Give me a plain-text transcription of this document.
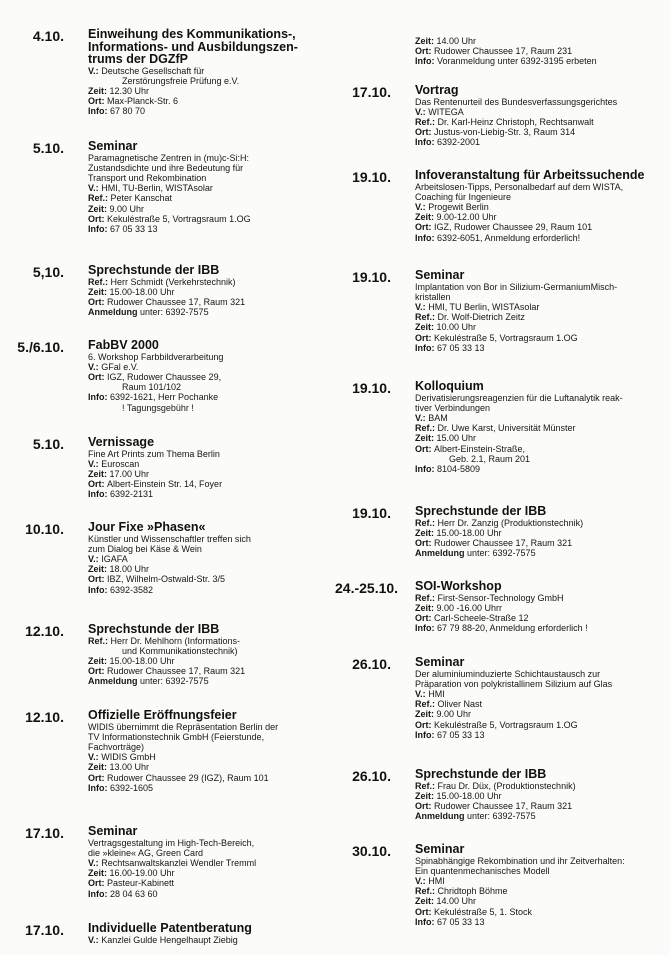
4.10. Einweihung des Kommunikations-,
Informations- und Ausbildungszen-
trums der DGZfP
V.: Deutsche Gesellschaft für
Zerstörungsfreie Prüfung e.V.
Zeit: 12.30 Uhr
Ort: Max-Planck-Str. 6
Info: 67 80 70
5.10. Seminar
Paramagnetische Zentren in (mu)c-Si:H:
Zustandsdichte und ihre Bedeutung für
Transport und Rekombination
V.: HMI, TU-Berlin, WISTAsolar
Ref.: Peter Kanschat
Zeit: 9.00 Uhr
Ort: Kekuléstraße 5, Vortragsraum 1.OG
Info: 67 05 33 13
5,10. Sprechstunde der IBB
Ref.: Herr Schmidt (Verkehrstechnik)
Zeit: 15.00-18.00 Uhr
Ort: Rudower Chaussee 17, Raum 321
Anmeldung unter: 6392-7575
5./6.10. FabBV 2000
6. Workshop Farbbildverarbeitung
V.: GFal e.V.
Ort: IGZ, Rudower Chaussee 29,
Raum 101/102
Info: 6392-1621, Herr Pochanke
! Tagungsgebühr !
5.10. Vernissage
Fine Art Prints zum Thema Berlin
V.: Euroscan
Zeit: 17.00 Uhr
Ort: Albert-Einstein Str. 14, Foyer
Info: 6392-2131
10.10. Jour Fixe »Phasen«
Künstler und Wissenschaftler treffen sich
zum Dialog bei Käse & Wein
V.: IGAFA
Zeit: 18.00 Uhr
Ort: IBZ, Wilhelm-Ostwald-Str. 3/5
Info: 6392-3582
12.10. Sprechstunde der IBB
Ref.: Herr Dr. Mehlhorn (Informations-
und Kommunikationstechnik)
Zeit: 15.00-18.00 Uhr
Ort: Rudower Chaussee 17, Raum 321
Anmeldung unter: 6392-7575
12.10. Offizielle Eröffnungsfeier
WIDIS übernimmt die Repräsentation Berlin der
TV Informationstechnik GmbH (Feierstunde,
Fachvorträge)
V.: WIDIS GmbH
Zeit: 13.00 Uhr
Ort: Rudower Chaussee 29 (IGZ), Raum 101
Info: 6392-1605
17.10. Seminar
Vertragsgestaltung im High-Tech-Bereich,
die »kleine« AG, Green Card
V.: Rechtsanwaltskanzlei Wendler Tremml
Zeit: 16.00-19.00 Uhr
Ort: Pasteur-Kabinett
Info: 28 04 63 60
17.10. Individuelle Patentberatung
V.: Kanzlei Gulde Hengelhaupt Ziebig
Zeit: 14.00 Uhr
Ort: Rudower Chaussee 17, Raum 231
Info: Voranmeldung unter 6392-3195 erbeten
17.10. Vortrag
Das Rentenurteil des Bundesverfassungsgerichtes
V.: WITEGA
Ref.: Dr. Karl-Heinz Christoph, Rechtsanwalt
Ort: Justus-von-Liebig-Str. 3, Raum 314
Info: 6392-2001
19.10. Infoveranstaltung für Arbeitssuchende
Arbeitslosen-Tipps, Personalbedarf auf dem WISTA,
Coaching für Ingenieure
V.: Progewit Berlin
Zeit: 9.00-12.00 Uhr
Ort: IGZ, Rudower Chaussee 29, Raum 101
Info: 6392-6051, Anmeldung erforderlich!
19.10. Seminar
Implantation von Bor in Silizium-GermaniumMisch-
kristallen
V.: HMI, TU Berlin, WISTAsolar
Ref.: Dr. Wolf-Dietrich Zeitz
Zeit: 10.00 Uhr
Ort: Kekuléstraße 5, Vortragsraum 1.OG
Info: 67 05 33 13
19.10. Kolloquium
Derivatisierungsreagenzien für die Luftanalytik reak-
tiver Verbindungen
V.: BAM
Ref.: Dr. Uwe Karst, Universität Münster
Zeit: 15.00 Uhr
Ort: Albert-Einstein-Straße,
Geb. 2.1, Raum 201
Info: 8104-5809
19.10. Sprechstunde der IBB
Ref.: Herr Dr. Zanzig (Produktionstechnik)
Zeit: 15.00-18.00 Uhr
Ort: Rudower Chaussee 17, Raum 321
Anmeldung unter: 6392-7575
24.-25.10. SOI-Workshop
Ref.: First-Sensor-Technology GmbH
Zeit: 9.00 -16.00 Uhrr
Ort: Carl-Scheele-Straße 12
Info: 67 79 88-20, Anmeldung erforderlich !
26.10. Seminar
Der aluminiuminduzierte Schichtaustausch zur
Präparation von polykristallinem Silizium auf Glas
V.: HMI
Ref.: Oliver Nast
Zeit: 9.00 Uhr
Ort: Kekuléstraße 5, Vortragsraum 1.OG
Info: 67 05 33 13
26.10. Sprechstunde der IBB
Ref.: Frau Dr. Düx, (Produktionstechnik)
Zeit: 15.00-18.00 Uhr
Ort: Rudower Chaussee 17, Raum 321
Anmeldung unter: 6392-7575
30.10. Seminar
Spinabhängige Rekombination und ihr Zeitverhalten:
Ein quantenmechanisches Modell
V.: HMI
Ref.: Chridtoph Böhme
Zeit: 14.00 Uhr
Ort: Kekuléstraße 5, 1. Stock
Info: 67 05 33 13
